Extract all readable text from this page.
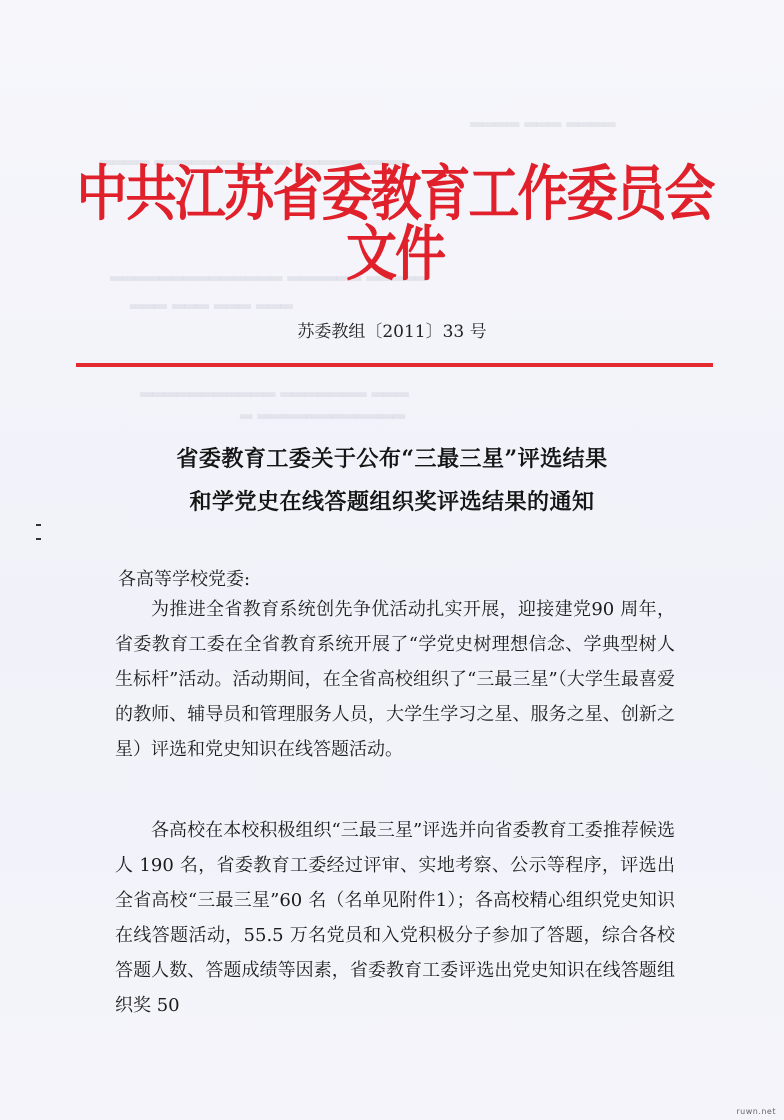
▂▂▂▂ ▂▂▂ ▂▂▂▂
▂▂▂▂▂▂▂▂▂ ▂▂▂▂▂▂▂▂▂▂▂ ▂▂▂▂
▂▂▂▂▂ ▂▂▂▂▂▂ ▂▂▂▂▂▂▂▂▂▂▂▂▂▂
▂▂▂ ▂▂▂ ▂▂▂ ▂▂▂
▂▂▂ ▂▂▂▂▂▂▂ ▂▂▂▂▂▂▂▂▂▂▂
▂▂▂▂▂▂▂▂▂▂▂▂ ▂
中共江苏省委教育工作委员会文件
苏委教组〔2011〕33 号
省委教育工委关于公布“三最三星”评选结果
和学党史在线答题组织奖评选结果的通知
各高等学校党委:
为推进全省教育系统创先争优活动扎实开展，迎接建党90 周年，省委教育工委在全省教育系统开展了“学党史树理想信念、学典型树人生标杆”活动。活动期间，在全省高校组织了“三最三星”（大学生最喜爱的教师、辅导员和管理服务人员，大学生学习之星、服务之星、创新之星）评选和党史知识在线答题活动。
各高校在本校积极组织“三最三星”评选并向省委教育工委推荐候选人 190 名，省委教育工委经过评审、实地考察、公示等程序，评选出全省高校“三最三星”60 名（名单见附件1）；各高校精心组织党史知识在线答题活动，55.5 万名党员和入党积极分子参加了答题，综合各校答题人数、答题成绩等因素，省委教育工委评选出党史知识在线答题组织奖 50
ruwn.net
